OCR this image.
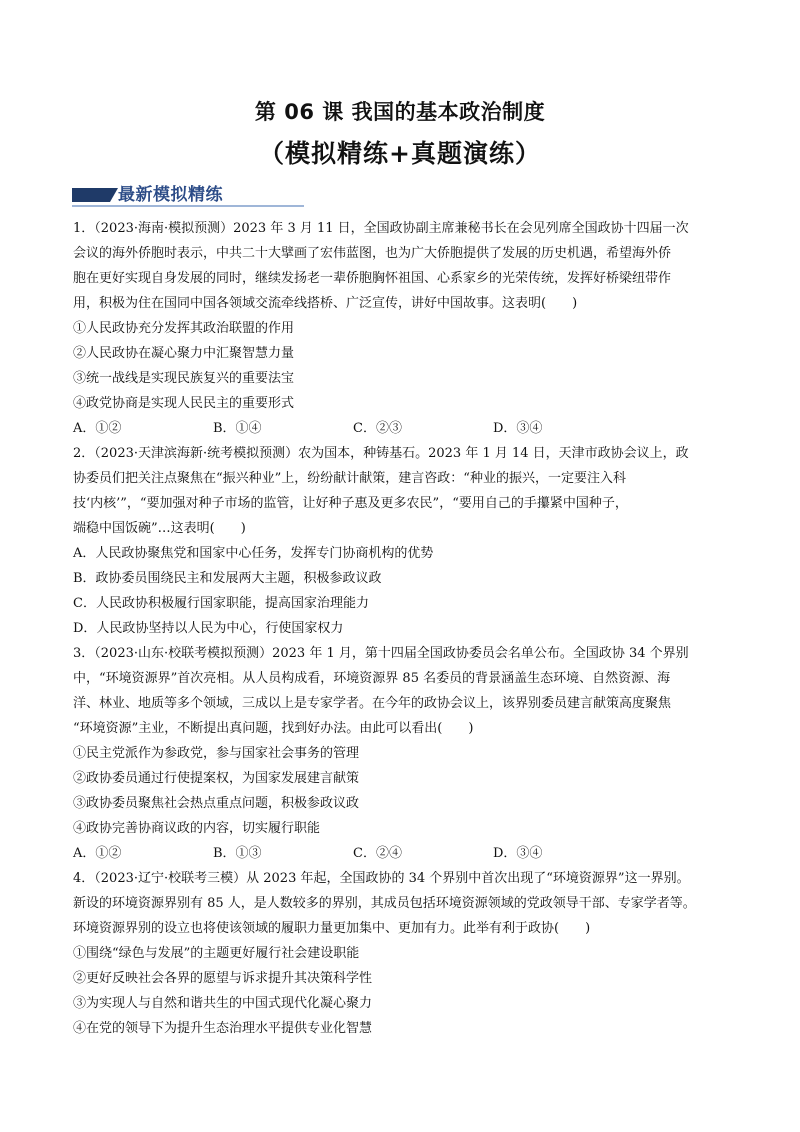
第 06 课 我国的基本政治制度
（模拟精练+真题演练）
最新模拟精练
1．（2023·海南·模拟预测）2023 年 3 月 11 日，全国政协副主席兼秘书长在会见列席全国政协十四届一次
会议的海外侨胞时表示，中共二十大擘画了宏伟蓝图，也为广大侨胞提供了发展的历史机遇，希望海外侨
胞在更好实现自身发展的同时，继续发扬老一辈侨胞胸怀祖国、心系家乡的光荣传统，发挥好桥梁纽带作
用，积极为住在国同中国各领域交流牵线搭桥、广泛宣传，讲好中国故事。这表明(　　)
①人民政协充分发挥其政治联盟的作用
②人民政协在凝心聚力中汇聚智慧力量
③统一战线是实现民族复兴的重要法宝
④政党协商是实现人民民主的重要形式
A．①②	B．①④	C．②③	D．③④
2．（2023·天津滨海新·统考模拟预测）农为国本，种铸基石。2023 年 1 月 14 日，天津市政协会议上，政
协委员们把关注点聚焦在“振兴种业”上，纷纷献计献策，建言咨政：“种业的振兴，一定要注入科
技‘内核’”，“要加强对种子市场的监管，让好种子惠及更多农民”，“要用自己的手攥紧中国种子，
端稳中国饭碗”…这表明(　　)
A．人民政协聚焦党和国家中心任务，发挥专门协商机构的优势
B．政协委员围绕民主和发展两大主题，积极参政议政
C．人民政协积极履行国家职能，提高国家治理能力
D．人民政协坚持以人民为中心，行使国家权力
3．（2023·山东·校联考模拟预测）2023 年 1 月，第十四届全国政协委员会名单公布。全国政协 34 个界别
中，“环境资源界”首次亮相。从人员构成看，环境资源界 85 名委员的背景涵盖生态环境、自然资源、海
洋、林业、地质等多个领域，三成以上是专家学者。在今年的政协会议上，该界别委员建言献策高度聚焦
“环境资源”主业，不断提出真问题，找到好办法。由此可以看出(　　)
①民主党派作为参政党，参与国家社会事务的管理
②政协委员通过行使提案权，为国家发展建言献策
③政协委员聚焦社会热点重点问题，积极参政议政
④政协完善协商议政的内容，切实履行职能
A．①②	B．①③	C．②④	D．③④
4．（2023·辽宁·校联考三模）从 2023 年起，全国政协的 34 个界别中首次出现了“环境资源界”这一界别。
新设的环境资源界别有 85 人，是人数较多的界别，其成员包括环境资源领域的党政领导干部、专家学者等。
环境资源界别的设立也将使该领域的履职力量更加集中、更加有力。此举有利于政协(　　)
①围绕“绿色与发展”的主题更好履行社会建设职能
②更好反映社会各界的愿望与诉求提升其决策科学性
③为实现人与自然和谐共生的中国式现代化凝心聚力
④在党的领导下为提升生态治理水平提供专业化智慧
